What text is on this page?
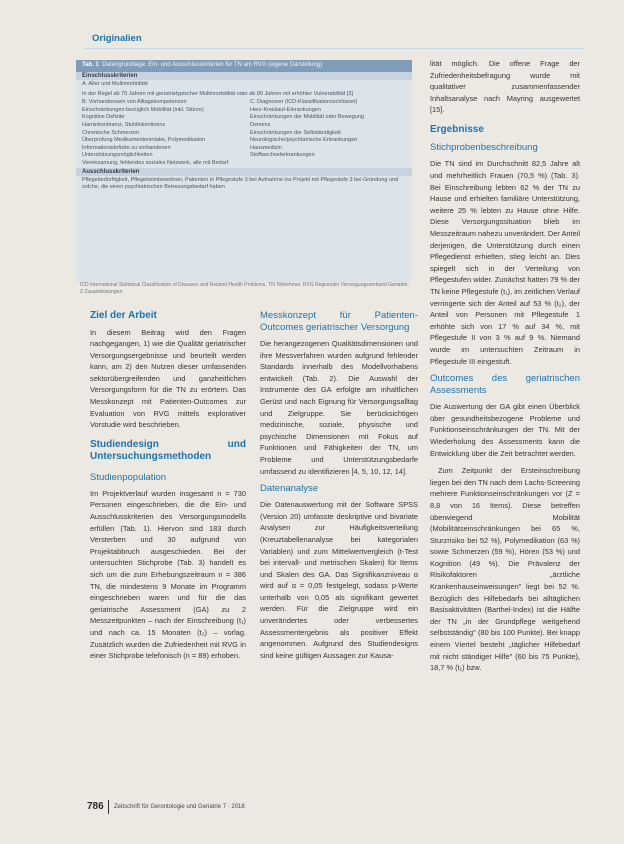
Originalien
Tab. 1 Datengrundlage: Ein- und Ausschlusskriterien für TN am RVG (eigene Darstellung)
Einschlusskriterien
A. Alter und Multimorbidität
In der Regel ab 70 Jahren mit geriatrietypischer Multimorbidität oder ab 80 Jahren mit erhöhter Vulnerabilität [3]
B. Vorhandensein von Alltagskompetenzen
Einschränkungen bezüglich Mobilität (inkl. Stürze)
Kognitive Defizite
Harninkontinenz, Stuhlinkontinenz
Chronische Schmerzen
Überprüfung Medikamentenintake, Polymedikation
Informationsdefizite zu vorhandenen Unterstützungsmöglichkeiten
Vereinsamung, fehlendes soziales Netzwerk, alle mit Bedarf
C. Diagnosen (ICD-Klassifikationsschlüssel)
Herz-Kreislauf-Erkrankungen
Einschränkungen der Mobilität oder Bewegung
Demenz
Einschränkungen der Selbständigkeit
Neurologische/psychiatrische Erkrankungen
Hausmedizin
Stoffwechselerkrankungen
Ausschlusskriterien
Pflegebedürftigkeit, Pflegeheimbewohner, Patienten in Pflegestufe 3 bei Aufnahme ins Projekt mit Pflegestufe 3 bei Gründung und solche, die einen psychiatrischen Betreuungsbedarf haben
ICD International Statistical Classification of Diseases and Related Health Problems, TN Teilnehmer, RVG Regionaler Versorgungsverbund Geriatrie, Z Zusatzleistungen
Ziel der Arbeit
In diesem Beitrag wird den Fragen nachgegangen, 1) wie die Qualität geriatrischer Versorgungsergebnisse und beurteilt werden kann, am 2) den Nutzen dieser umfassenden sektorübergreifenden und ganzheitlichen Versorgungsform für die TN zu erörtern. Das Messkonzept mit Patienten-Outcomes zur Evaluation von RVG mittels explorativer Vorstudie wird beschrieben.
Studiendesign und Untersuchungsmethoden
Studienpopulation
Im Projektverlauf wurden insgesamt n = 730 Personen eingeschrieben, die die Ein- und Ausschlusskriterien des Versorgungsmodells erfüllen (Tab. 1). Hiervon sind 183 durch Versterben und 30 aufgrund von Projektabbruch ausgeschieden. Bei der untersuchten Stichprobe (Tab. 3) handelt es sich um die zum Erhebungszeitraum n = 386 TN, die mindestens 9 Monate im Programm eingeschrieben waren und für die das geriatrische Assessment (GA) zu 2 Messzeitpunkten – nach der Einschreibung (t₁) und nach ca. 15 Monaten (t₂) – vorlag. Zusätzlich wurden die Zufriedenheit mit RVG in einer Stichprobe telefonisch (n = 89) erhoben.
Messkonzept für Patienten-Outcomes geriatrischer Versorgung
Die herangezogenen Qualitätsdimensionen und ihre Messverfahren wurden aufgrund fehlender Standards innerhalb des Modellvorhabens entwickelt (Tab. 2). Die Auswahl der Instrumente des GA erfolgte am inhaltlichen Gerüst und nach Eignung für Versorgungsalltag und Zielgruppe. Sie berücksichtigen medizinische, soziale, physische und psychische Dimensionen mit Fokus auf Funktionen und Fähigkeiten der TN, um Probleme und Unterstützungsbedarfe umfassend zu identifizieren [4, 5, 10, 12, 14].
Datenanalyse
Die Datenauswertung mit der Software SPSS (Version 20) umfasste deskriptive und bivariate Analysen zur Häufigkeitsverteilung (Kreuztabellenanalyse bei kategorialen Variablen) und zum Mittelwertvergleich (t-Test bei intervall- und metrischen Skalen) für Items und Skalen des GA. Das Signifikanzniveau α wird auf α = 0,05 festgelegt, sodass p-Werte unterhalb von 0,05 als signifikant gewertet werden. Für die Zielgruppe wird ein unverändertes oder verbessertes Assessmentergebnis als positiver Effekt angenommen. Aufgrund des Studiendesigns sind keine gültigen Aussagen zur Kausa-
lität möglich. Die offene Frage der Zufriedenheitsbefragung wurde mit qualitativer zusammenfassender Inhaltsanalyse nach Mayring ausgewertet [15].
Ergebnisse
Stichprobenbeschreibung
Die TN sind im Durchschnitt 82,5 Jahre alt und mehrheitlich Frauen (70,5 %) (Tab. 3). Bei Einschreibung lebten 62 % der TN zu Hause und erhielten familiäre Unterstützung, weitere 25 % lebten zu Hause ohne Hilfe. Diese Versorgungssituation blieb im Messzeitraum nahezu unverändert. Der Anteil derjenigen, die Unterstützung durch einen Pflegedienst erhielten, stieg leicht an. Dies spiegelt sich in der Verteilung von Pflegestufen wider. Zunächst hatten 79 % der TN keine Pflegestufe (t₁), im zeitlichen Verlauf verringerte sich der Anteil auf 53 % (t₂), der Anteil von Personen mit Pflegestufe 1 erhöhte sich von 17 % auf 34 %, mit Pflegestufe II von 3 % auf 9 %. Niemand wurde im untersuchten Zeitraum in Pflegestufe III eingestuft.
Outcomes des geriatrischen Assessments
Die Auswertung der GA gibt einen Überblick über gesundheitsbezogene Probleme und Funktionseinschränkungen der TN. Mit der Wiederholung des Assessments kann die Entwicklung über die Zeit betrachtet werden.
Zum Zeitpunkt der Ersteinschreibung liegen bei den TN nach dem Lachs-Screening mehrere Funktionseinschränkungen vor (Z = 8,8 von 16 Items). Diese betreffen überwiegend Mobilität (Mobilitätseinschränkungen bei 65 %, Sturzrisiko bei 52 %), Polymedikation (63 %) sowie Schmerzen (59 %), Hören (53 %) und Kognition (49 %). Die Prävalenz der Risikofaktoren „ärztliche Krankenhauseinweisungen" liegt bei 52 %. Bezüglich des Hilfebedarfs bei alltäglichen Basisaktivitäten (Barthel-Index) ist die Hälfte der TN „in der Grundpflege weitgehend selbstständig" (80 bis 100 Punkte). Bei knapp einem Viertel besteht „täglicher Hilfebedarf mit nicht ständiger Hilfe" (60 bis 75 Punkte), 18,7 % (t₁) bzw.
786 Zeitschrift für Gerontologie und Geriatrie 7 · 2018
